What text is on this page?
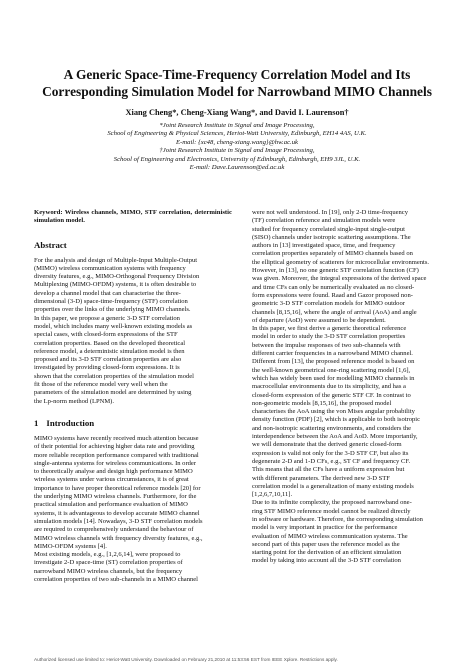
A Generic Space-Time-Frequency Correlation Model and Its
Corresponding Simulation Model for Narrowband MIMO Channels
Xiang Cheng*, Cheng-Xiang Wang*, and David I. Laurenson†
*Joint Research Institute in Signal and Image Processing,
School of Engineering & Physical Sciences, Heriot-Watt University, Edinburgh, EH14 4AS, U.K.
E-mail: {xc48, cheng-xiang.wang}@hw.ac.uk
†Joint Research Institute in Signal and Image Processing,
School of Engineering and Electronics, University of Edinburgh, Edinburgh, EH9 3JL, U.K.
E-mail: Dave.Laurenson@ed.ac.uk
Keyword: Wireless channels, MIMO, STF correlation, deterministic simulation model.
Abstract
For the analysis and design of Multiple-Input Multiple-Output
(MIMO) wireless communication systems with frequency
diversity features, e.g., MIMO-Orthogonal Frequency Division
Multiplexing (MIMO-OFDM) systems, it is often desirable to
develop a channel model that can characterise the three-
dimensional (3-D) space-time-frequency (STF) correlation
properties over the links of the underlying MIMO channels.
In this paper, we propose a generic 3-D STF correlation
model, which includes many well-known existing models as
special cases, with closed-form expressions of the STF
correlation properties. Based on the developed theoretical
reference model, a deterministic simulation model is then
proposed and its 3-D STF correlation properties are also
investigated by providing closed-form expressions. It is
shown that the correlation properties of the simulation model
fit those of the reference model very well when the
parameters of the simulation model are determined by using
the Lp-norm method (LPNM).
1 Introduction
MIMO systems have recently received much attention because
of their potential for achieving higher data rate and providing
more reliable reception performance compared with traditional
single-antenna systems for wireless communications. In order
to theoretically analyse and design high performance MIMO
wireless systems under various circumstances, it is of great
importance to have proper theoretical reference models [20] for
the underlying MIMO wireless channels. Furthermore, for the
practical simulation and performance evaluation of MIMO
systems, it is advantageous to develop accurate MIMO channel
simulation models [14]. Nowadays, 3-D STF correlation models
are required to comprehensively understand the behaviour of
MIMO wireless channels with frequency diversity features, e.g.,
MIMO-OFDM systems [4].
Most existing models, e.g., [1,2,6,14], were proposed to
investigate 2-D space-time (ST) correlation properties of
narrowband MIMO wireless channels, but the frequency
correlation properties of two sub-channels in a MIMO channel
were not well understood. In [19], only 2-D time-frequency
(TF) correlation reference and simulation models were
studied for frequency correlated single-input single-output
(SISO) channels under isotropic scattering assumptions. The
authors in [13] investigated space, time, and frequency
correlation properties separately of MIMO channels based on
the elliptical geometry of scatterers for microcellular environments.
However, in [13], no one generic STF correlation function (CF)
was given. Moreover, the integral expressions of the derived space
and time CFs can only be numerically evaluated as no closed-
form expressions were found. Raad and Gazor proposed non-
geometric 3-D STF correlation models for MIMO outdoor
channels [8,15,16], where the angle of arrival (AoA) and angle
of departure (AoD) were assumed to be dependent.
In this paper, we first derive a generic theoretical reference
model in order to study the 3-D STF correlation properties
between the impulse responses of two sub-channels with
different carrier frequencies in a narrowband MIMO channel.
Different from [13], the proposed reference model is based on
the well-known geometrical one-ring scattering model [1,6],
which has widely been used for modelling MIMO channels in
macrocellular environments due to its simplicity, and has a
closed-form expression of the generic STF CF. In contrast to
non-geometric models [8,15,16], the proposed model
characterises the AoA using the von Mises angular probability
density function (PDF) [2], which is applicable to both isotropic
and non-isotropic scattering environments, and considers the
interdependence between the AoA and AoD. More importantly,
we will demonstrate that the derived generic closed-form
expression is valid not only for the 3-D STF CF, but also its
degenerate 2-D and 1-D CFs, e.g., ST CF and frequency CF.
This means that all the CFs have a uniform expression but
with different parameters. The derived new 3-D STF
correlation model is a generalization of many existing models
[1,2,6,7,10,11].
Due to its infinite complexity, the proposed narrowband one-
ring STF MIMO reference model cannot be realized directly
in software or hardware. Therefore, the corresponding simulation
model is very important in practice for the performance
evaluation of MIMO wireless communication systems. The
second part of this paper uses the reference model as the
starting point for the derivation of an efficient simulation
model by taking into account all the 3-D STF correlation
Authorized licensed use limited to: Heriot-Watt University. Downloaded on February 21,2010 at 11:53:56 EST from IEEE Xplore. Restrictions apply.
